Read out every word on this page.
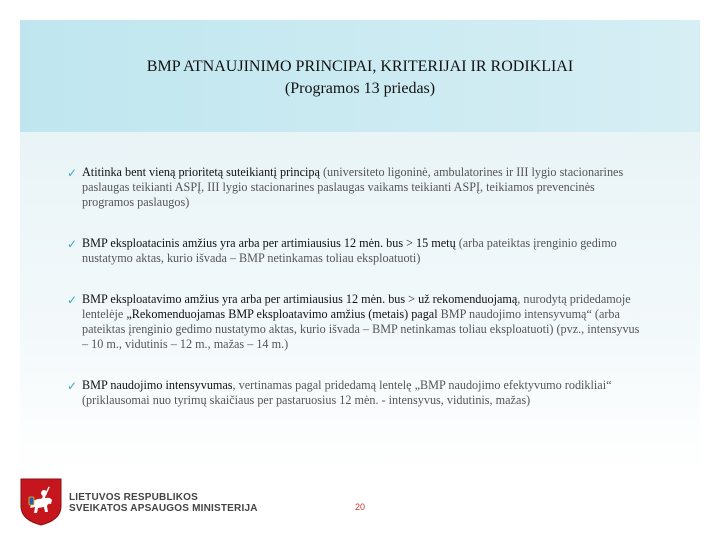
BMP ATNAUJINIMO PRINCIPAI, KRITERIJAI IR RODIKLIAI
(Programos 13 priedas)
✓ Atitinka bent vieną prioritetą suteikiantį principą (universiteto ligoninė, ambulatorines ir III lygio stacionarines paslaugas teikianti ASPĮ, III lygio stacionarines paslaugas vaikams teikianti ASPĮ, teikiamos prevencinės programos paslaugos)
✓ BMP eksploatacinis amžius yra arba per artimiausius 12 mėn. bus > 15 metų (arba pateiktas įrenginio gedimo nustatymo aktas, kurio išvada – BMP netinkamas toliau eksploatuoti)
✓ BMP eksploatavimo amžius yra arba per artimiausius 12 mėn. bus > už rekomenduojamą, nurodytą pridedamoje lentelėje „Rekomenduojamas BMP eksploatavimo amžius (metais) pagal BMP naudojimo intensyvumą“ (arba pateiktas įrenginio gedimo nustatymo aktas, kurio išvada – BMP netinkamas toliau eksploatuoti) (pvz., intensyvus – 10 m., vidutinis – 12 m., mažas – 14 m.)
✓ BMP naudojimo intensyvumas, vertinamas pagal pridedamą lentelę „BMP naudojimo efektyvumo rodikliai“ (priklausomai nuo tyrimų skaičiaus per pastaruosius 12 mėn. - intensyvus, vidutinis, mažas)
LIETUVOS RESPUBLIKOS
SVEIKATOS APSAUGOS MINISTERIJA	20
